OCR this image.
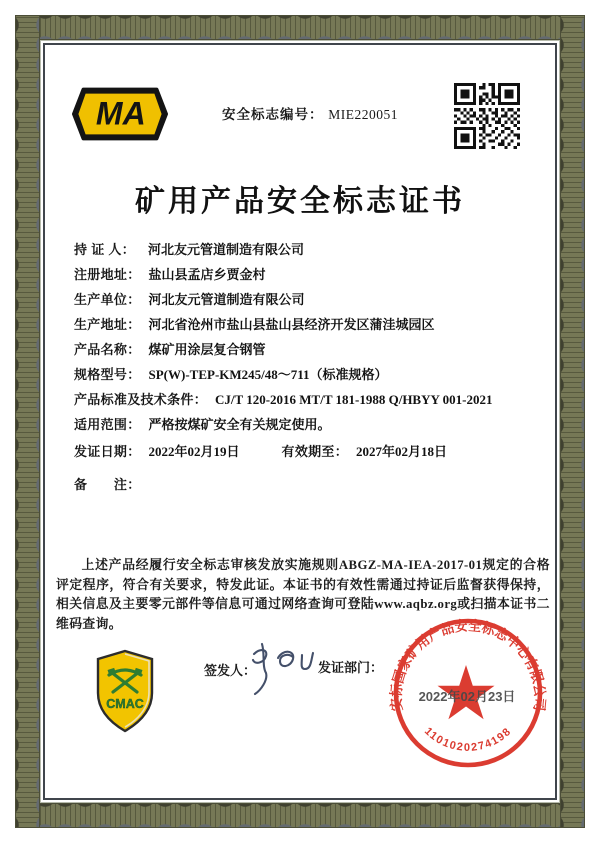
MA	安全标志编号： MIE220051
矿用产品安全标志证书
持 证 人： 河北友元管道制造有限公司
注册地址： 盐山县孟店乡贾金村
生产单位： 河北友元管道制造有限公司
生产地址： 河北省沧州市盐山县盐山县经济开发区蒲洼城园区
产品名称： 煤矿用涂层复合钢管
规格型号： SP(W)-TEP-KM245/48～711（标准规格）
产品标准及技术条件： CJ/T 120-2016 MT/T 181-1988 Q/HBYY 001-2021
适用范围： 严格按煤矿安全有关规定使用。
发证日期： 2022年02月19日	有效期至： 2027年02月18日
备　　注：
上述产品经履行安全标志审核发放实施规则ABGZ-MA-IEA-2017-01规定的合格评定程序，符合有关要求，特发此证。本证书的有效性需通过持证后监督获得保持，相关信息及主要零元部件等信息可通过网络查询可登陆www.aqbz.org或扫描本证书二维码查询。
CMAC
签发人：	发证部门：
安标国家矿用产品安全标志中心有限公司
2022年02月23日
1101020274198
